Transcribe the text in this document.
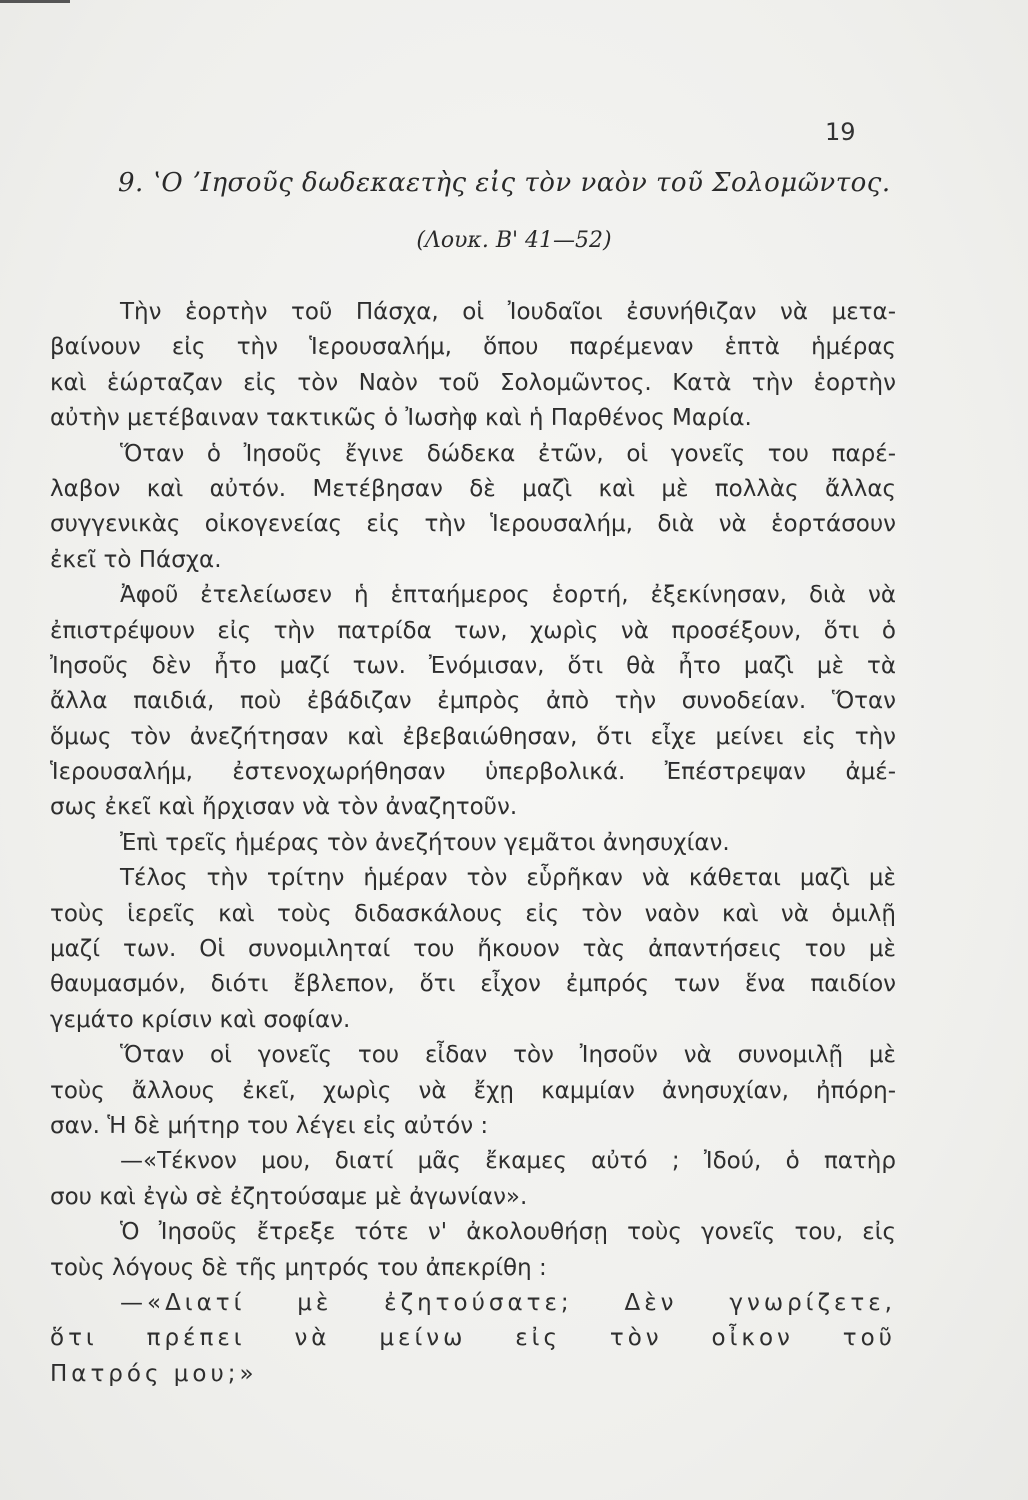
19
9. ʽΟ ʼΙησοῦς δωδεκαετὴς εἰς τὸν ναὸν τοῦ Σολομῶντος.
(Λουκ. Β' 41—52)
Τὴν ἑορτὴν τοῦ Πάσχα, οἱ Ἰουδαῖοι ἐσυνήθιζαν νὰ μετα-
βαίνουν εἰς τὴν Ἱερουσαλήμ, ὅπου παρέμεναν ἑπτὰ ἡμέρας
καὶ ἑώρταζαν εἰς τὸν Ναὸν τοῦ Σολομῶντος. Κατὰ τὴν ἑορτὴν
αὐτὴν μετέβαιναν τακτικῶς ὁ Ἰωσὴφ καὶ ἡ Παρθένος Μαρία.
Ὅταν ὁ Ἰησοῦς ἔγινε δώδεκα ἐτῶν, οἱ γονεῖς του παρέ-
λαβον καὶ αὐτόν. Μετέβησαν δὲ μαζὶ καὶ μὲ πολλὰς ἄλλας
συγγενικὰς οἰκογενείας εἰς τὴν Ἱερουσαλήμ, διὰ νὰ ἑορτάσουν
ἐκεῖ τὸ Πάσχα.
Ἀφοῦ ἐτελείωσεν ἡ ἑπταήμερος ἑορτή, ἐξεκίνησαν, διὰ νὰ
ἐπιστρέψουν εἰς τὴν πατρίδα των, χωρὶς νὰ προσέξουν, ὅτι ὁ
Ἰησοῦς δὲν ἦτο μαζί των. Ἐνόμισαν, ὅτι θὰ ἦτο μαζὶ μὲ τὰ
ἄλλα παιδιά, ποὺ ἐβάδιζαν ἐμπρὸς ἀπὸ τὴν συνοδείαν. Ὅταν
ὅμως τὸν ἀνεζήτησαν καὶ ἐβεβαιώθησαν, ὅτι εἶχε μείνει εἰς τὴν
Ἱερουσαλήμ, ἐστενοχωρήθησαν ὑπερβολικά. Ἐπέστρεψαν ἀμέ-
σως ἐκεῖ καὶ ἤρχισαν νὰ τὸν ἀναζητοῦν.
Ἐπὶ τρεῖς ἡμέρας τὸν ἀνεζήτουν γεμᾶτοι ἀνησυχίαν.
Τέλος τὴν τρίτην ἡμέραν τὸν εὗρῆκαν νὰ κάθεται μαζὶ μὲ
τοὺς ἱερεῖς καὶ τοὺς διδασκάλους εἰς τὸν ναὸν καὶ νὰ ὁμιλῇ
μαζί των. Οἱ συνομιληταί του ἤκουον τὰς ἀπαντήσεις του μὲ
θαυμασμόν, διότι ἔβλεπον, ὅτι εἶχον ἐμπρός των ἕνα παιδίον
γεμάτο κρίσιν καὶ σοφίαν.
Ὅταν οἱ γονεῖς του εἶδαν τὸν Ἰησοῦν νὰ συνομιλῇ μὲ
τοὺς ἄλλους ἐκεῖ, χωρὶς νὰ ἔχῃ καμμίαν ἀνησυχίαν, ἠπόρη-
σαν. Ἡ δὲ μήτηρ του λέγει εἰς αὐτόν :
—«Τέκνον μου, διατί μᾶς ἔκαμες αὐτό ; Ἰδού, ὁ πατὴρ
σου καὶ ἐγὼ σὲ ἐζητούσαμε μὲ ἀγωνίαν».
Ὁ Ἰησοῦς ἔτρεξε τότε ν' ἀκολουθήσῃ τοὺς γονεῖς του, εἰς
τοὺς λόγους δὲ τῆς μητρός του ἀπεκρίθη :
—«Διατί μὲ ἐζητούσατε; Δὲν γνωρίζετε,
ὅτι πρέπει νὰ μείνω εἰς τὸν οἶκον τοῦ
Πατρός μου;»
